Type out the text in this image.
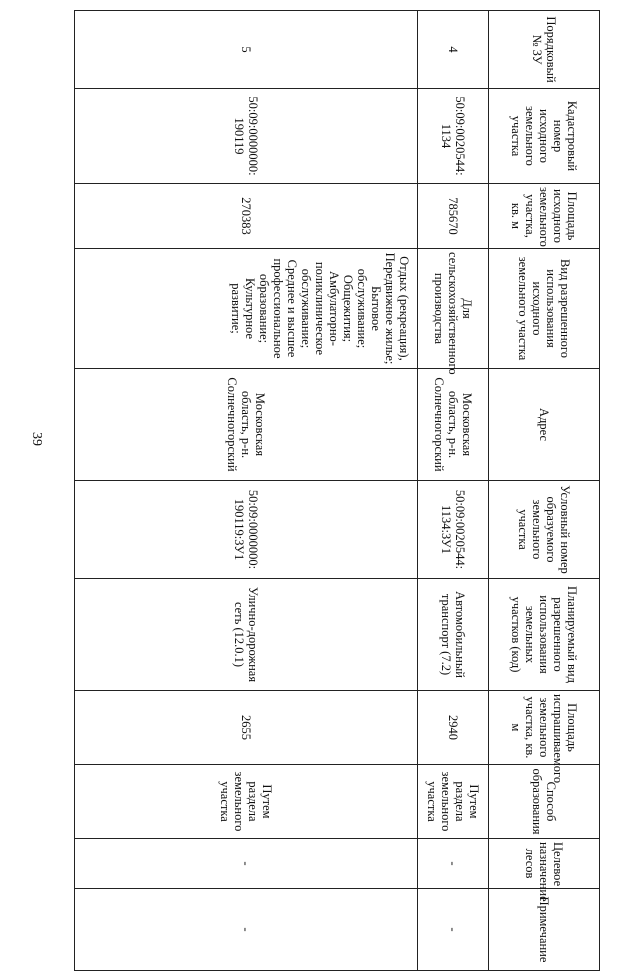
39
Порядковый № ЗУ	Кадастровый номер исходного земельного участка	Площадь исходного земельного участка, кв. м	Вид разрешенного использования исходного земельного участка	Адрес	Условный номер образуемого земельного участка	Планируемый вид разрешенного использования земельных участков (код)	Площадь испрашиваемого земельного участка, кв. м	Способ образования	Целевое назначение лесов	Примечание
4	50:09:0020544: 1134	785670	Для сельскохозяйственного производства	Московская область, р-н. Солнечногорский	50:09:0020544: 1134:ЗУ1	Автомобильный транспорт (7.2)	2940	Путем раздела земельного участка	-	-
5	50:09:0000000: 190119	270383	Отдых (рекреация), Передвижное жилье; Бытовое обслуживание; Общежития; Амбулаторно-поликлиническое обслуживание; Среднее и высшее профессиональное образование; Культурное развитие;	Московская область, р-н. Солнечногорский	50:09:0000000: 190119:ЗУ1	Улично-дорожная сеть (12.0.1)	2655	Путем раздела земельного участка	-	-
